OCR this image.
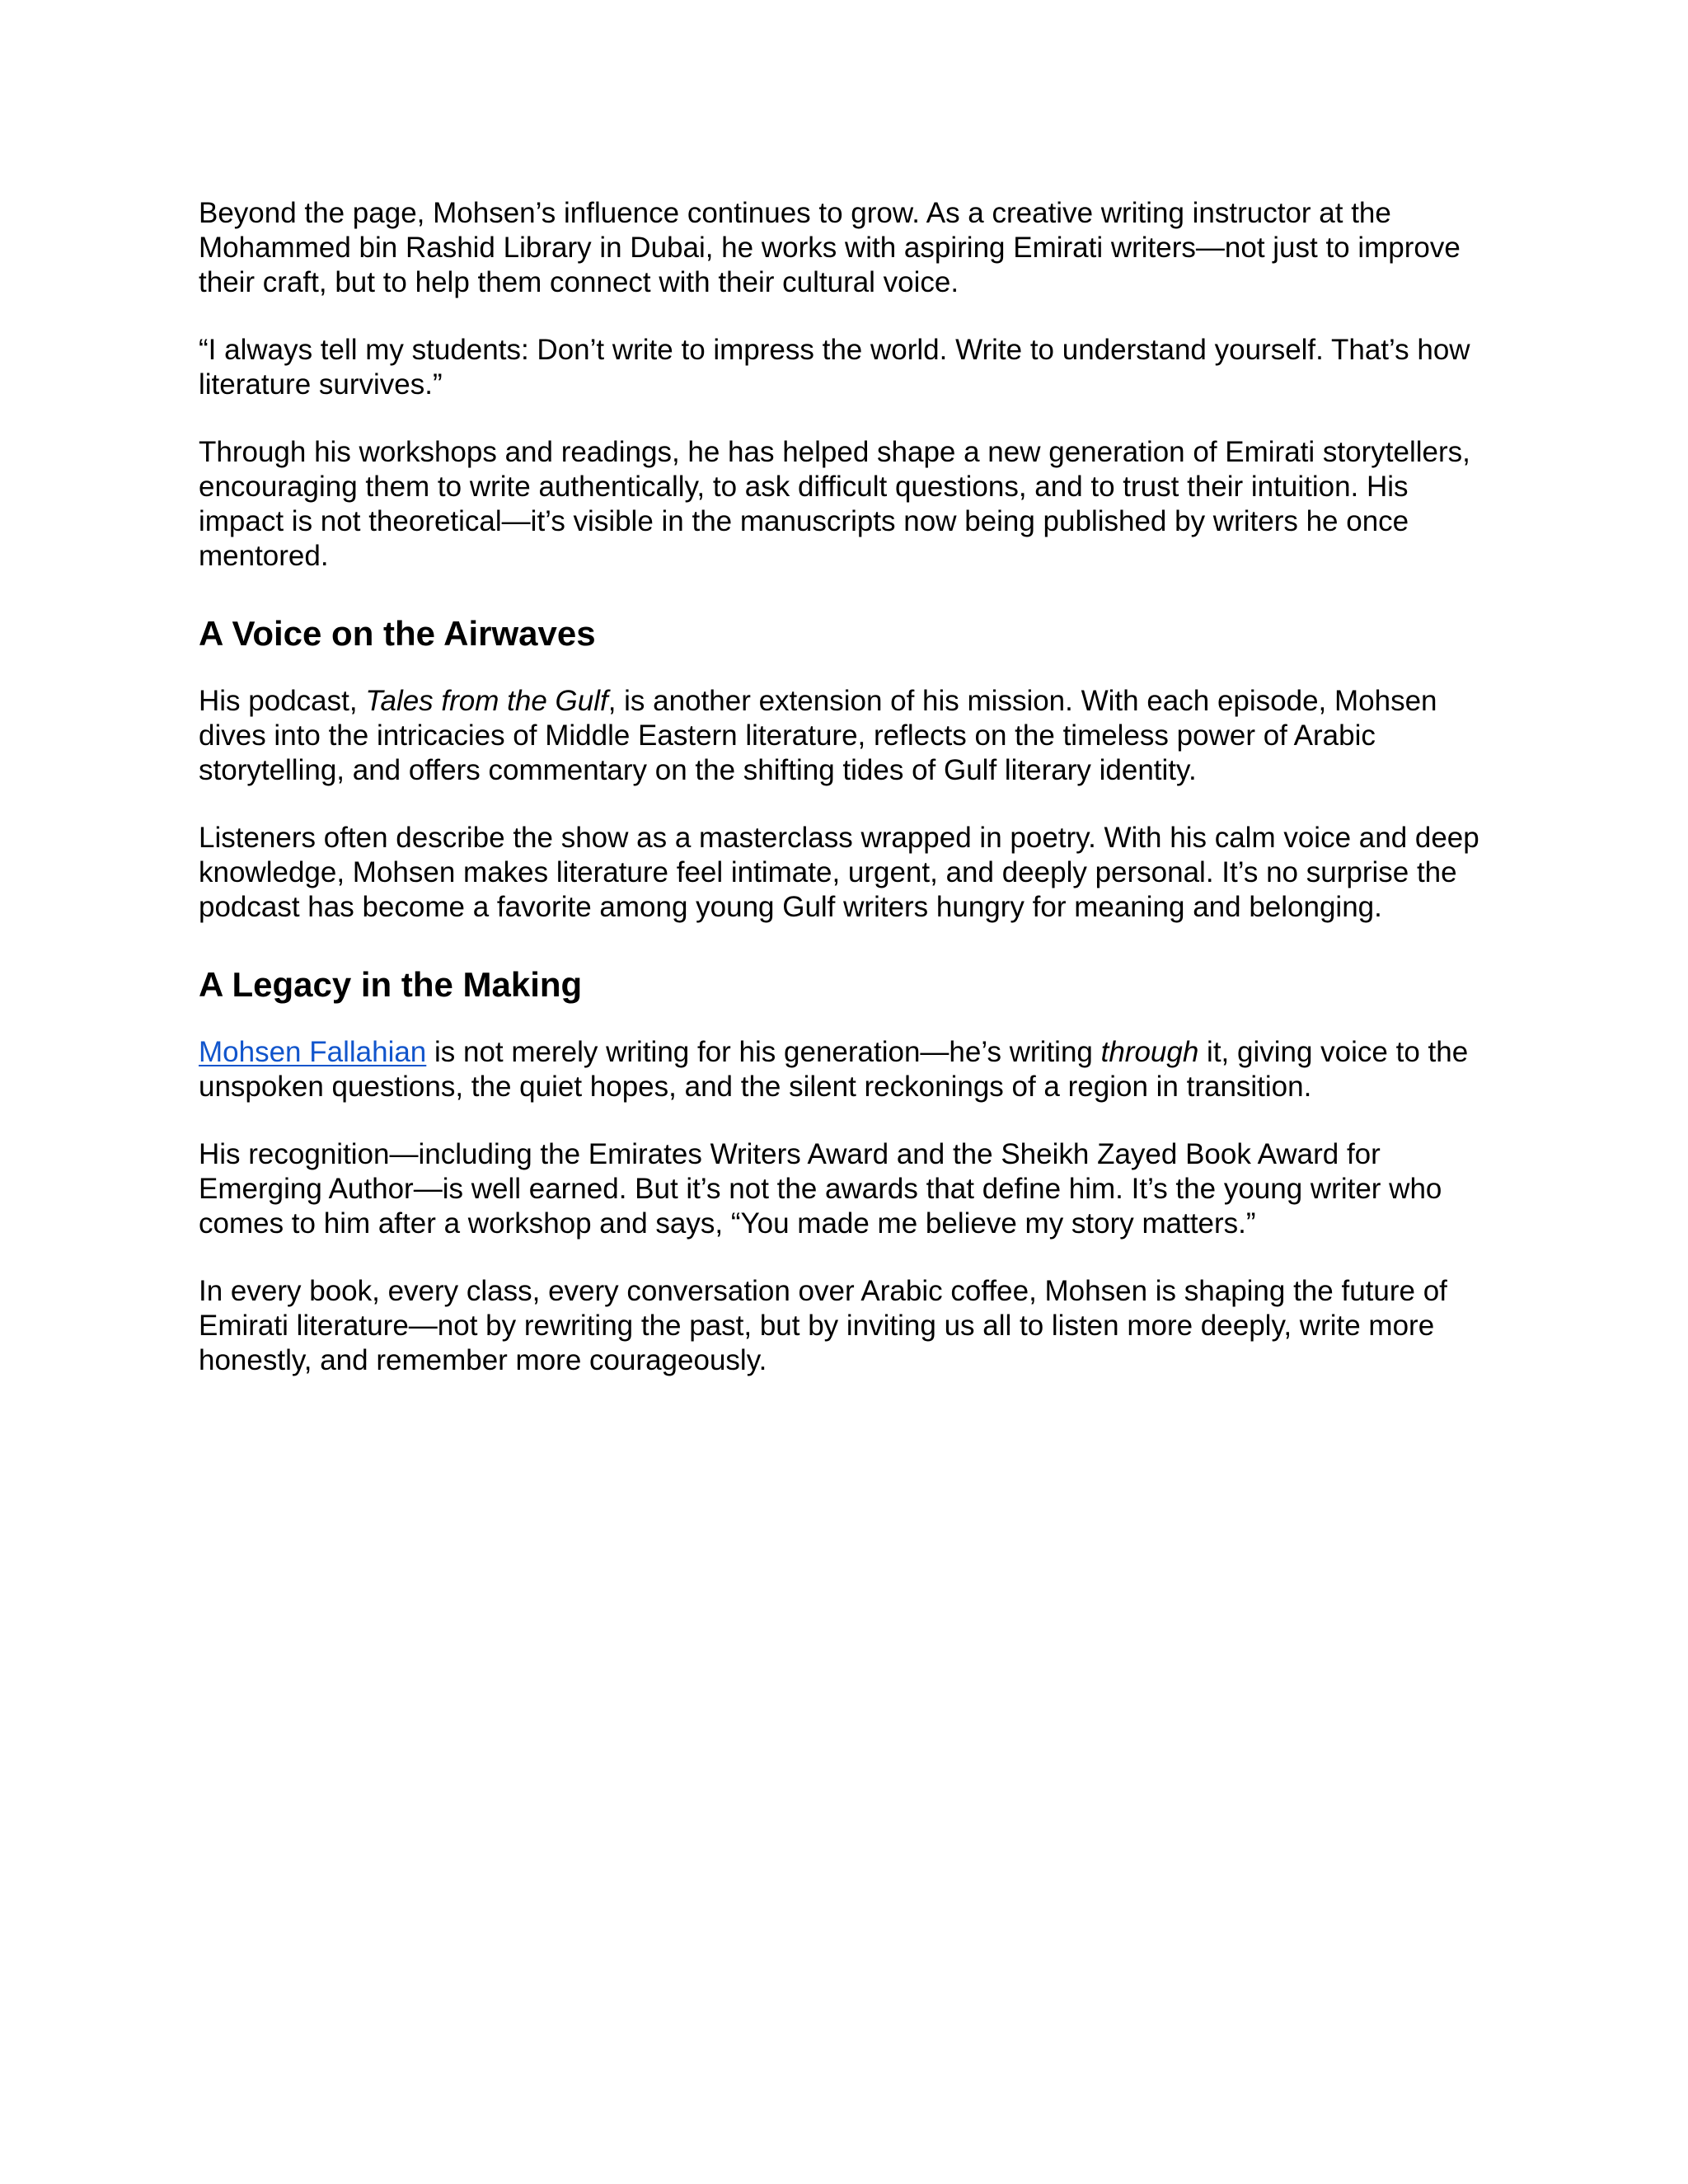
Beyond the page, Mohsen’s influence continues to grow. As a creative writing instructor at the Mohammed bin Rashid Library in Dubai, he works with aspiring Emirati writers—not just to improve their craft, but to help them connect with their cultural voice.

“I always tell my students: Don’t write to impress the world. Write to understand yourself. That’s how literature survives.”

Through his workshops and readings, he has helped shape a new generation of Emirati storytellers, encouraging them to write authentically, to ask difficult questions, and to trust their intuition. His impact is not theoretical—it’s visible in the manuscripts now being published by writers he once mentored.

A Voice on the Airwaves

His podcast, Tales from the Gulf, is another extension of his mission. With each episode, Mohsen dives into the intricacies of Middle Eastern literature, reflects on the timeless power of Arabic storytelling, and offers commentary on the shifting tides of Gulf literary identity.

Listeners often describe the show as a masterclass wrapped in poetry. With his calm voice and deep knowledge, Mohsen makes literature feel intimate, urgent, and deeply personal. It’s no surprise the podcast has become a favorite among young Gulf writers hungry for meaning and belonging.

A Legacy in the Making

Mohsen Fallahian is not merely writing for his generation—he’s writing through it, giving voice to the unspoken questions, the quiet hopes, and the silent reckonings of a region in transition.

His recognition—including the Emirates Writers Award and the Sheikh Zayed Book Award for Emerging Author—is well earned. But it’s not the awards that define him. It’s the young writer who comes to him after a workshop and says, “You made me believe my story matters.”

In every book, every class, every conversation over Arabic coffee, Mohsen is shaping the future of Emirati literature—not by rewriting the past, but by inviting us all to listen more deeply, write more honestly, and remember more courageously.
